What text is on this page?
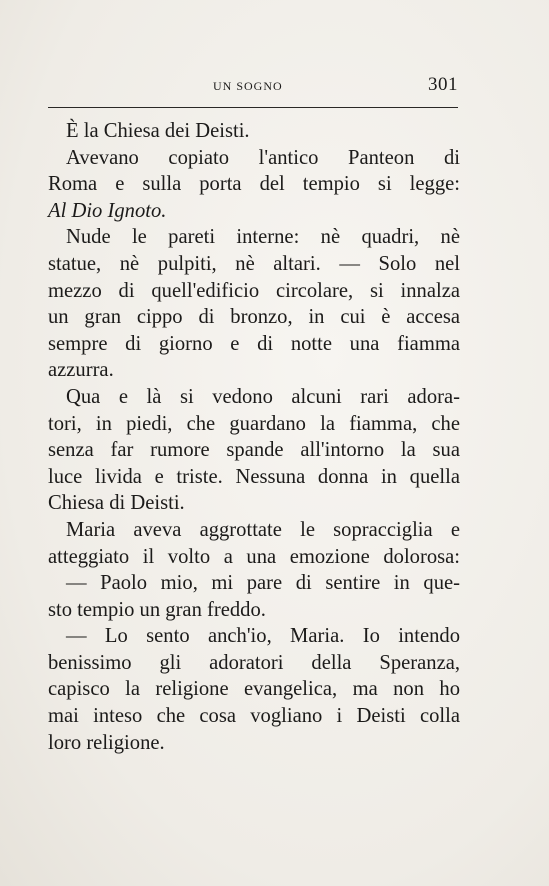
UN SOGNO	301
È la Chiesa dei Deisti.
Avevano copiato l'antico Panteon di
Roma e sulla porta del tempio si legge:
Al Dio Ignoto.
Nude le pareti interne: nè quadri, nè
statue, nè pulpiti, nè altari. — Solo nel
mezzo di quell'edificio circolare, si innalza
un gran cippo di bronzo, in cui è accesa
sempre di giorno e di notte una fiamma
azzurra.
Qua e là si vedono alcuni rari adora-
tori, in piedi, che guardano la fiamma, che
senza far rumore spande all'intorno la sua
luce livida e triste. Nessuna donna in quella
Chiesa di Deisti.
Maria aveva aggrottate le sopracciglia e
atteggiato il volto a una emozione dolorosa:
— Paolo mio, mi pare di sentire in que-
sto tempio un gran freddo.
— Lo sento anch'io, Maria. Io intendo
benissimo gli adoratori della Speranza,
capisco la religione evangelica, ma non ho
mai inteso che cosa vogliano i Deisti colla
loro religione.
